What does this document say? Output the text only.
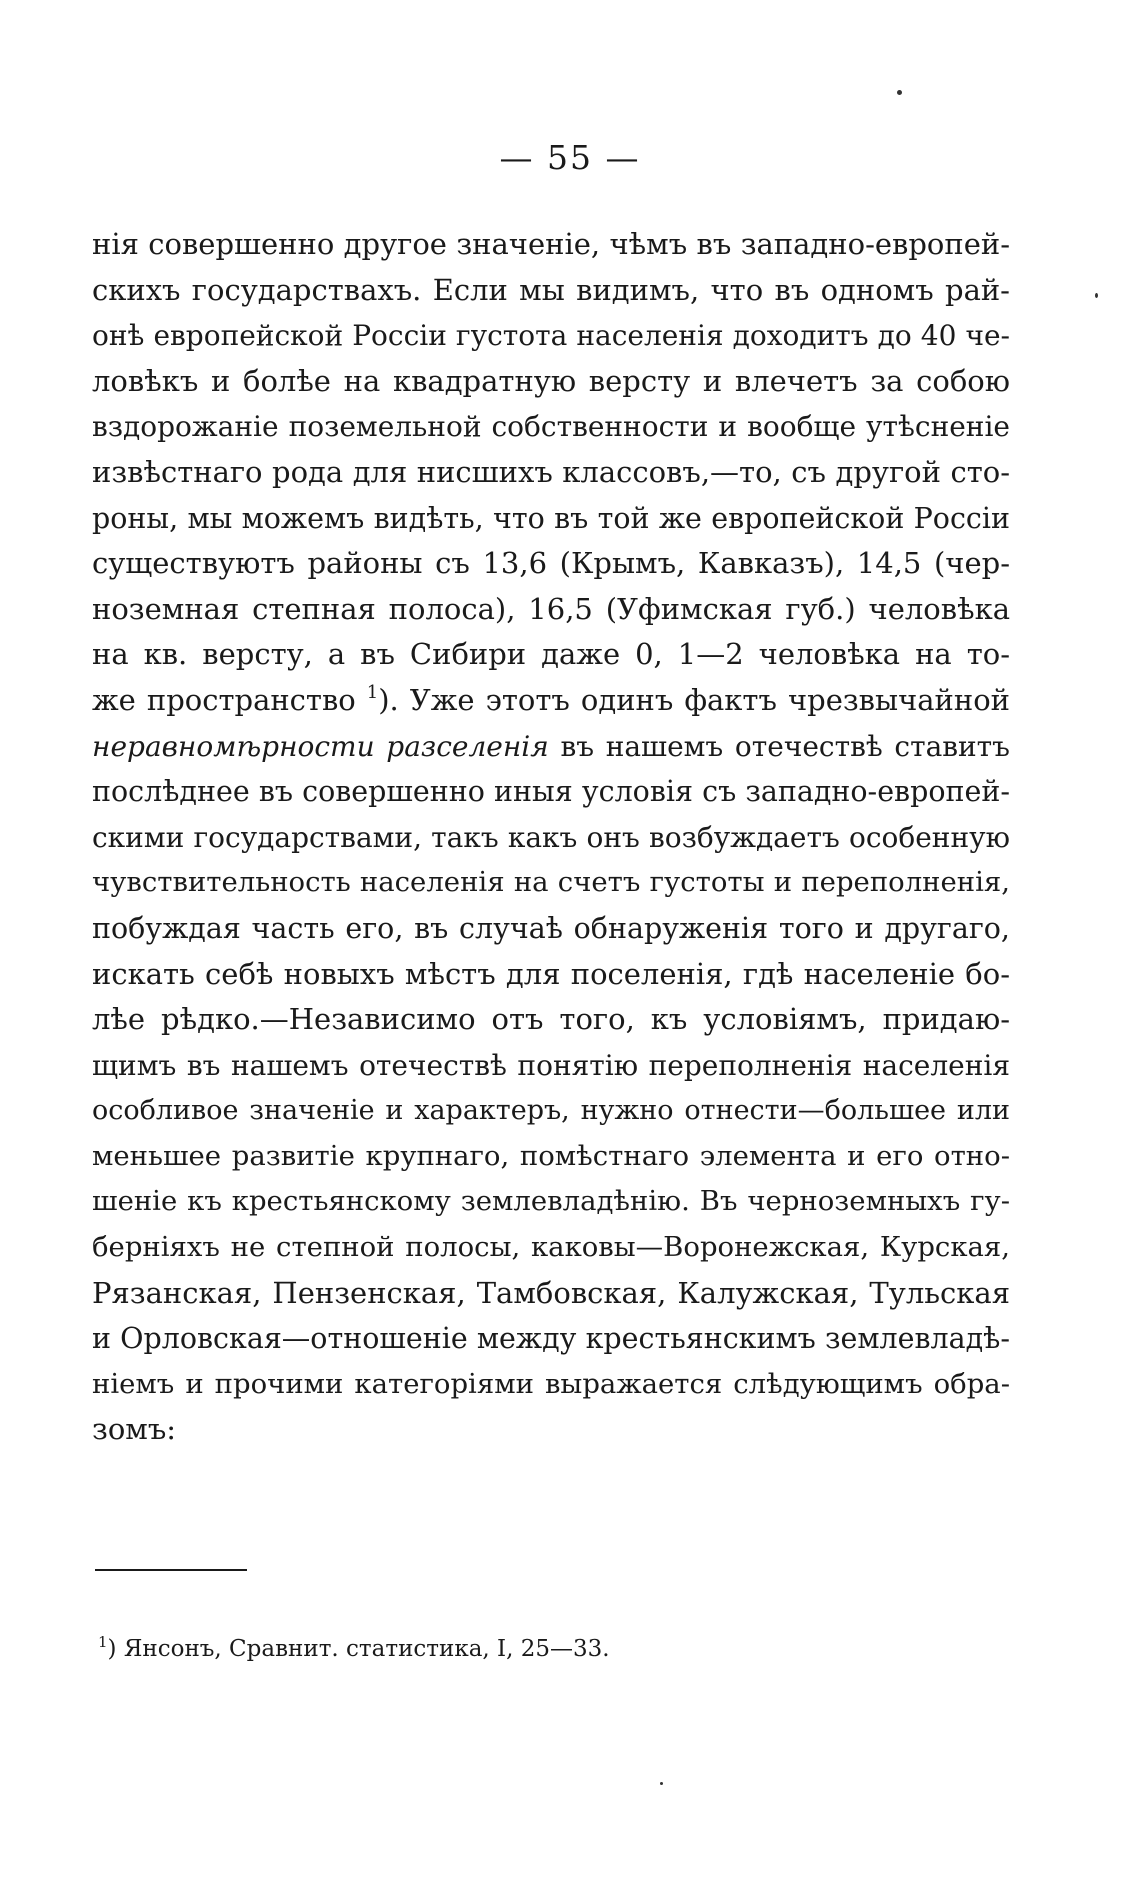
— 55 —
нія совершенно другое значеніе, чѣмъ въ западно-европей-
скихъ государствахъ. Если мы видимъ, что въ одномъ рай-
онѣ европейской Россіи густота населенія доходитъ до 40 че-
ловѣкъ и болѣе на квадратную версту и влечетъ за собою
вздорожаніе поземельной собственности и вообще утѣсненіе
извѣстнаго рода для нисшихъ классовъ,—то, съ другой сто-
роны, мы можемъ видѣть, что въ той же европейской Россіи
существуютъ районы съ 13,6 (Крымъ, Кавказъ), 14,5 (чер-
ноземная степная полоса), 16,5 (Уфимская губ.) человѣка
на кв. версту, а въ Сибири даже 0, 1—2 человѣка на то-
же пространство $^1$). Уже этотъ одинъ фактъ чрезвычайной
неравномѣрности разселенія въ нашемъ отечествѣ ставитъ
послѣднее въ совершенно иныя условія съ западно-европей-
скими государствами, такъ какъ онъ возбуждаетъ особенную
чувствительность населенія на счетъ густоты и переполненія,
побуждая часть его, въ случаѣ обнаруженія того и другаго,
искать себѣ новыхъ мѣстъ для поселенія, гдѣ населеніе бо-
лѣе рѣдко.—Независимо отъ того, къ условіямъ, придаю-
щимъ въ нашемъ отечествѣ понятію переполненія населенія
особливое значеніе и характеръ, нужно отнести—большее или
меньшее развитіе крупнаго, помѣстнаго элемента и его отно-
шеніе къ крестьянскому землевладѣнію. Въ черноземныхъ гу-
берніяхъ не степной полосы, каковы—Воронежская, Курская,
Рязанская, Пензенская, Тамбовская, Калужская, Тульская
и Орловская—отношеніе между крестьянскимъ землевладѣ-
ніемъ и прочими категоріями выражается слѣдующимъ обра-
зомъ:
$^1$) Янсонъ, Сравнит. статистика, I, 25—33.
